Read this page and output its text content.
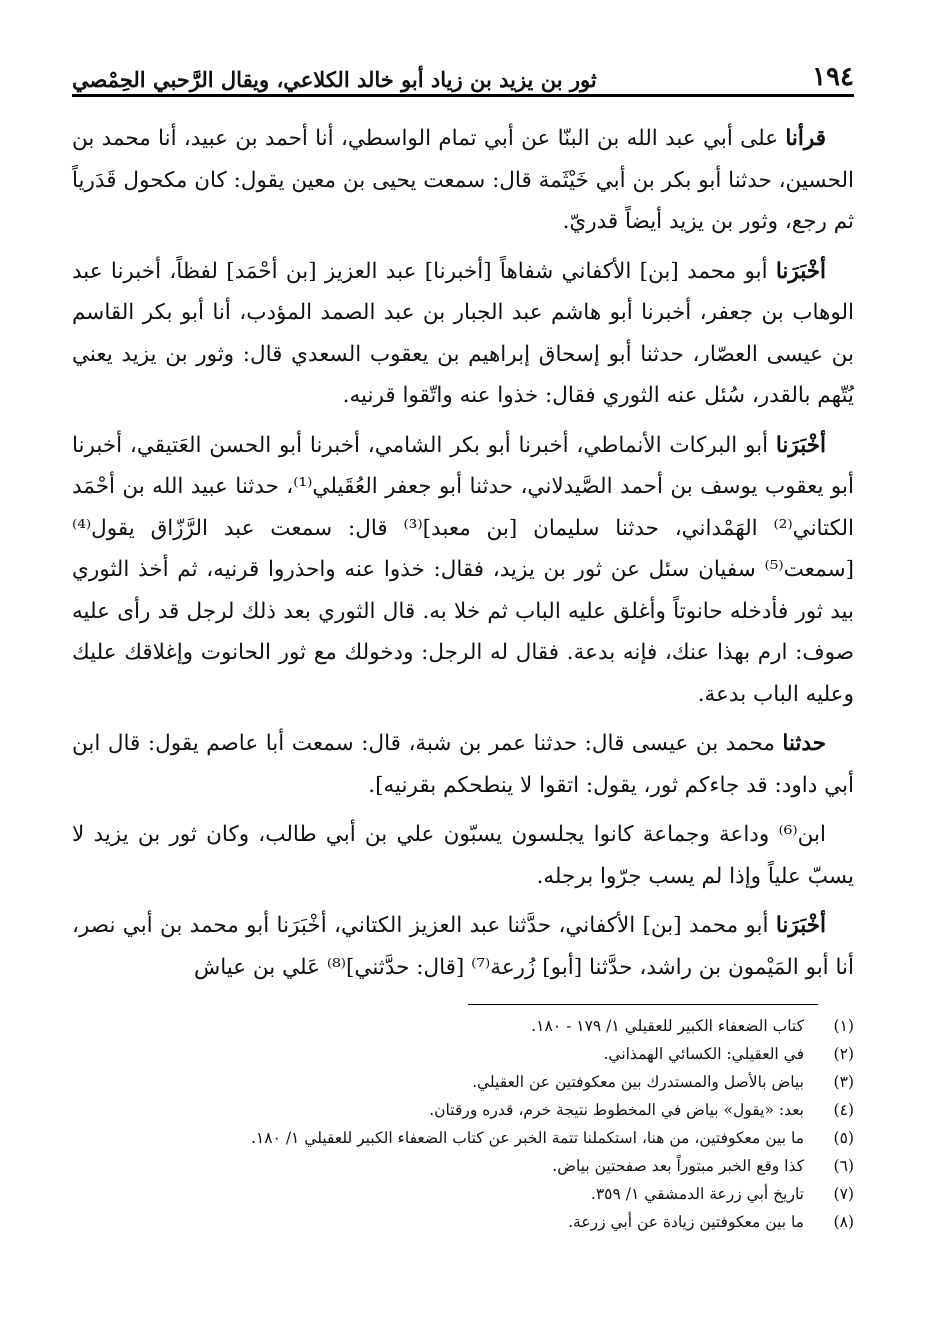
١٩٤
ثور بن يزيد بن زياد أبو خالد الكلاعي، ويقال الرَّحبي الحِمْصي

قرأنا على أبي عبد الله بن البنّا عن أبي تمام الواسطي، أنا أحمد بن عبيد، أنا محمد بن الحسين، حدثنا أبو بكر بن أبي خَيْثَمة قال: سمعت يحيى بن معين يقول: كان مكحول قَدَرياً ثم رجع، وثور بن يزيد أيضاً قدريّ.

أخْبَرَنا أبو محمد [بن] الأكفاني شفاهاً [أخبرنا] عبد العزيز [بن أحْمَد] لفظاً، أخبرنا عبد الوهاب بن جعفر، أخبرنا أبو هاشم عبد الجبار بن عبد الصمد المؤدب، أنا أبو بكر القاسم بن عيسى العصّار، حدثنا أبو إسحاق إبراهيم بن يعقوب السعدي قال: وثور بن يزيد يعني يُتّهم بالقدر، سُئل عنه الثوري فقال: خذوا عنه واتّقوا قرنيه.

أخْبَرَنا أبو البركات الأنماطي، أخبرنا أبو بكر الشامي، أخبرنا أبو الحسن العَتيقي، أخبرنا أبو يعقوب يوسف بن أحمد الصَّيدلاني، حدثنا أبو جعفر العُقَيلي⁽¹⁾، حدثنا عبيد الله بن أحْمَد الكتاني⁽²⁾ الهَمْداني، حدثنا سليمان [بن معبد]⁽³⁾ قال: سمعت عبد الرَّزّاق يقول⁽⁴⁾ [سمعت⁽⁵⁾ سفيان سئل عن ثور بن يزيد، فقال: خذوا عنه واحذروا قرنيه، ثم أخذ الثوري بيد ثور فأدخله حانوتاً وأغلق عليه الباب ثم خلا به. قال الثوري بعد ذلك لرجل قد رأى عليه صوف: ارم بهذا عنك، فإنه بدعة. فقال له الرجل: ودخولك مع ثور الحانوت وإغلاقك عليك وعليه الباب بدعة.

حدثنا محمد بن عيسى قال: حدثنا عمر بن شبة، قال: سمعت أبا عاصم يقول: قال ابن أبي داود: قد جاءكم ثور، يقول: اتقوا لا ينطحكم بقرنيه].

ابن⁽⁶⁾ وداعة وجماعة كانوا يجلسون يسبّون علي بن أبي طالب، وكان ثور بن يزيد لا يسبّ علياً وإذا لم يسب جرّوا برجله.

أخْبَرَنا أبو محمد [بن] الأكفاني، حدَّثنا عبد العزيز الكتاني، أخْبَرَنا أبو محمد بن أبي نصر، أنا أبو المَيْمون بن راشد، حدَّثنا [أبو] زُرعة⁽⁷⁾ [قال: حدَّثني]⁽⁸⁾ عَلي بن عياش

(١)
كتاب الضعفاء الكبير للعقيلي ١/ ١٧٩ - ١٨٠.
(٢)
في العقيلي: الكسائي الهمذاني.
(٣)
بياض بالأصل والمستدرك بين معكوفتين عن العقيلي.
(٤)
بعد: «يقول» بياض في المخطوط نتيجة خرم، قدره ورقتان.
(٥)
ما بين معكوفتين، من هنا، استكملنا تتمة الخبر عن كتاب الضعفاء الكبير للعقيلي ١/ ١٨٠.
(٦)
كذا وقع الخبر مبتوراً بعد صفحتين بياض.
(٧)
تاريخ أبي زرعة الدمشقي ١/ ٣٥٩.
(٨)
ما بين معكوفتين زيادة عن أبي زرعة.
